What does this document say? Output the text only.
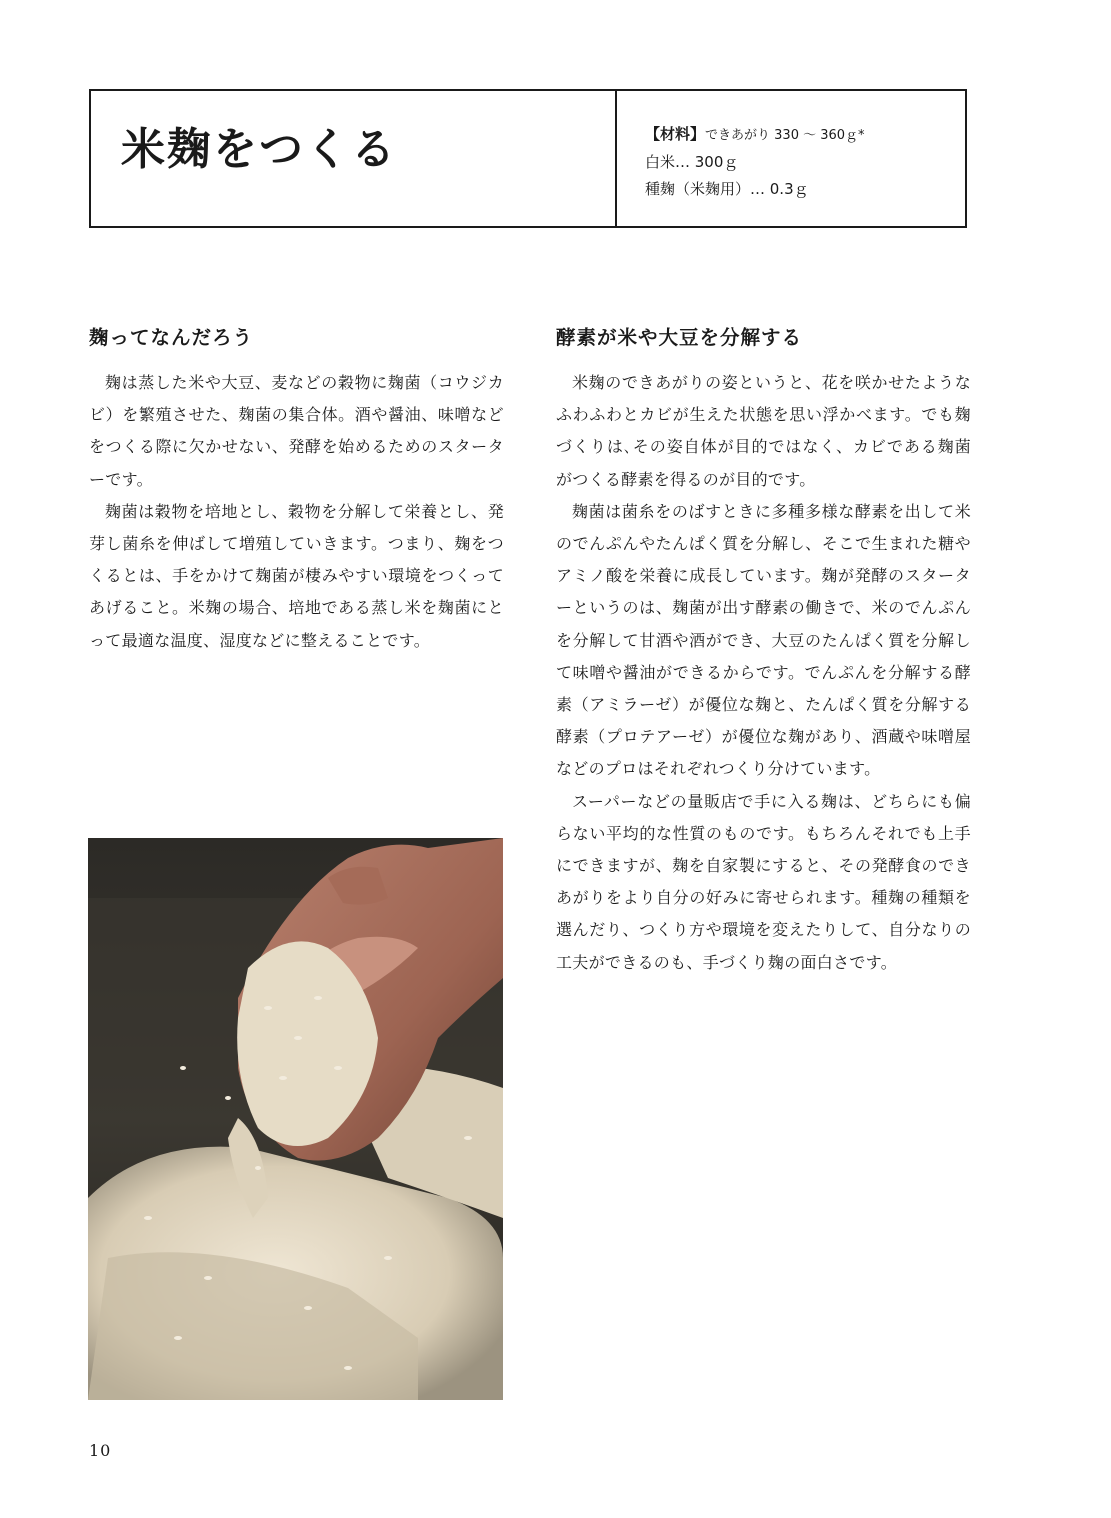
米麹をつくる	【材料】できあがり 330 ～ 360ｇ*
白米… 300ｇ
種麹（米麹用）… 0.3ｇ
麹ってなんだろう

麹は蒸した米や大豆、麦などの穀物に麹菌（コウジカビ）を繁殖させた、麹菌の集合体。酒や醤油、味噌などをつくる際に欠かせない、発酵を始めるためのスターターです。

麹菌は穀物を培地とし、穀物を分解して栄養とし、発芽し菌糸を伸ばして増殖していきます。つまり、麹をつくるとは、手をかけて麹菌が棲みやすい環境をつくってあげること。米麹の場合、培地である蒸し米を麹菌にとって最適な温度、湿度などに整えることです。

酵素が米や大豆を分解する

米麹のできあがりの姿というと、花を咲かせたようなふわふわとカビが生えた状態を思い浮かべます。でも麹づくりは､その姿自体が目的ではなく、カビである麹菌がつくる酵素を得るのが目的です。

麹菌は菌糸をのばすときに多種多様な酵素を出して米のでんぷんやたんぱく質を分解し、そこで生まれた糖やアミノ酸を栄養に成長しています。麹が発酵のスターターというのは、麹菌が出す酵素の働きで、米のでんぷんを分解して甘酒や酒ができ、大豆のたんぱく質を分解して味噌や醤油ができるからです。でんぷんを分解する酵素（アミラーゼ）が優位な麹と、たんぱく質を分解する酵素（プロテアーゼ）が優位な麹があり、酒蔵や味噌屋などのプロはそれぞれつくり分けています。

スーパーなどの量販店で手に入る麹は、どちらにも偏らない平均的な性質のものです。もちろんそれでも上手にできますが、麹を自家製にすると、その発酵食のできあがりをより自分の好みに寄せられます。種麹の種類を選んだり、つくり方や環境を変えたりして、自分なりの工夫ができるのも、手づくり麹の面白さです。

10
